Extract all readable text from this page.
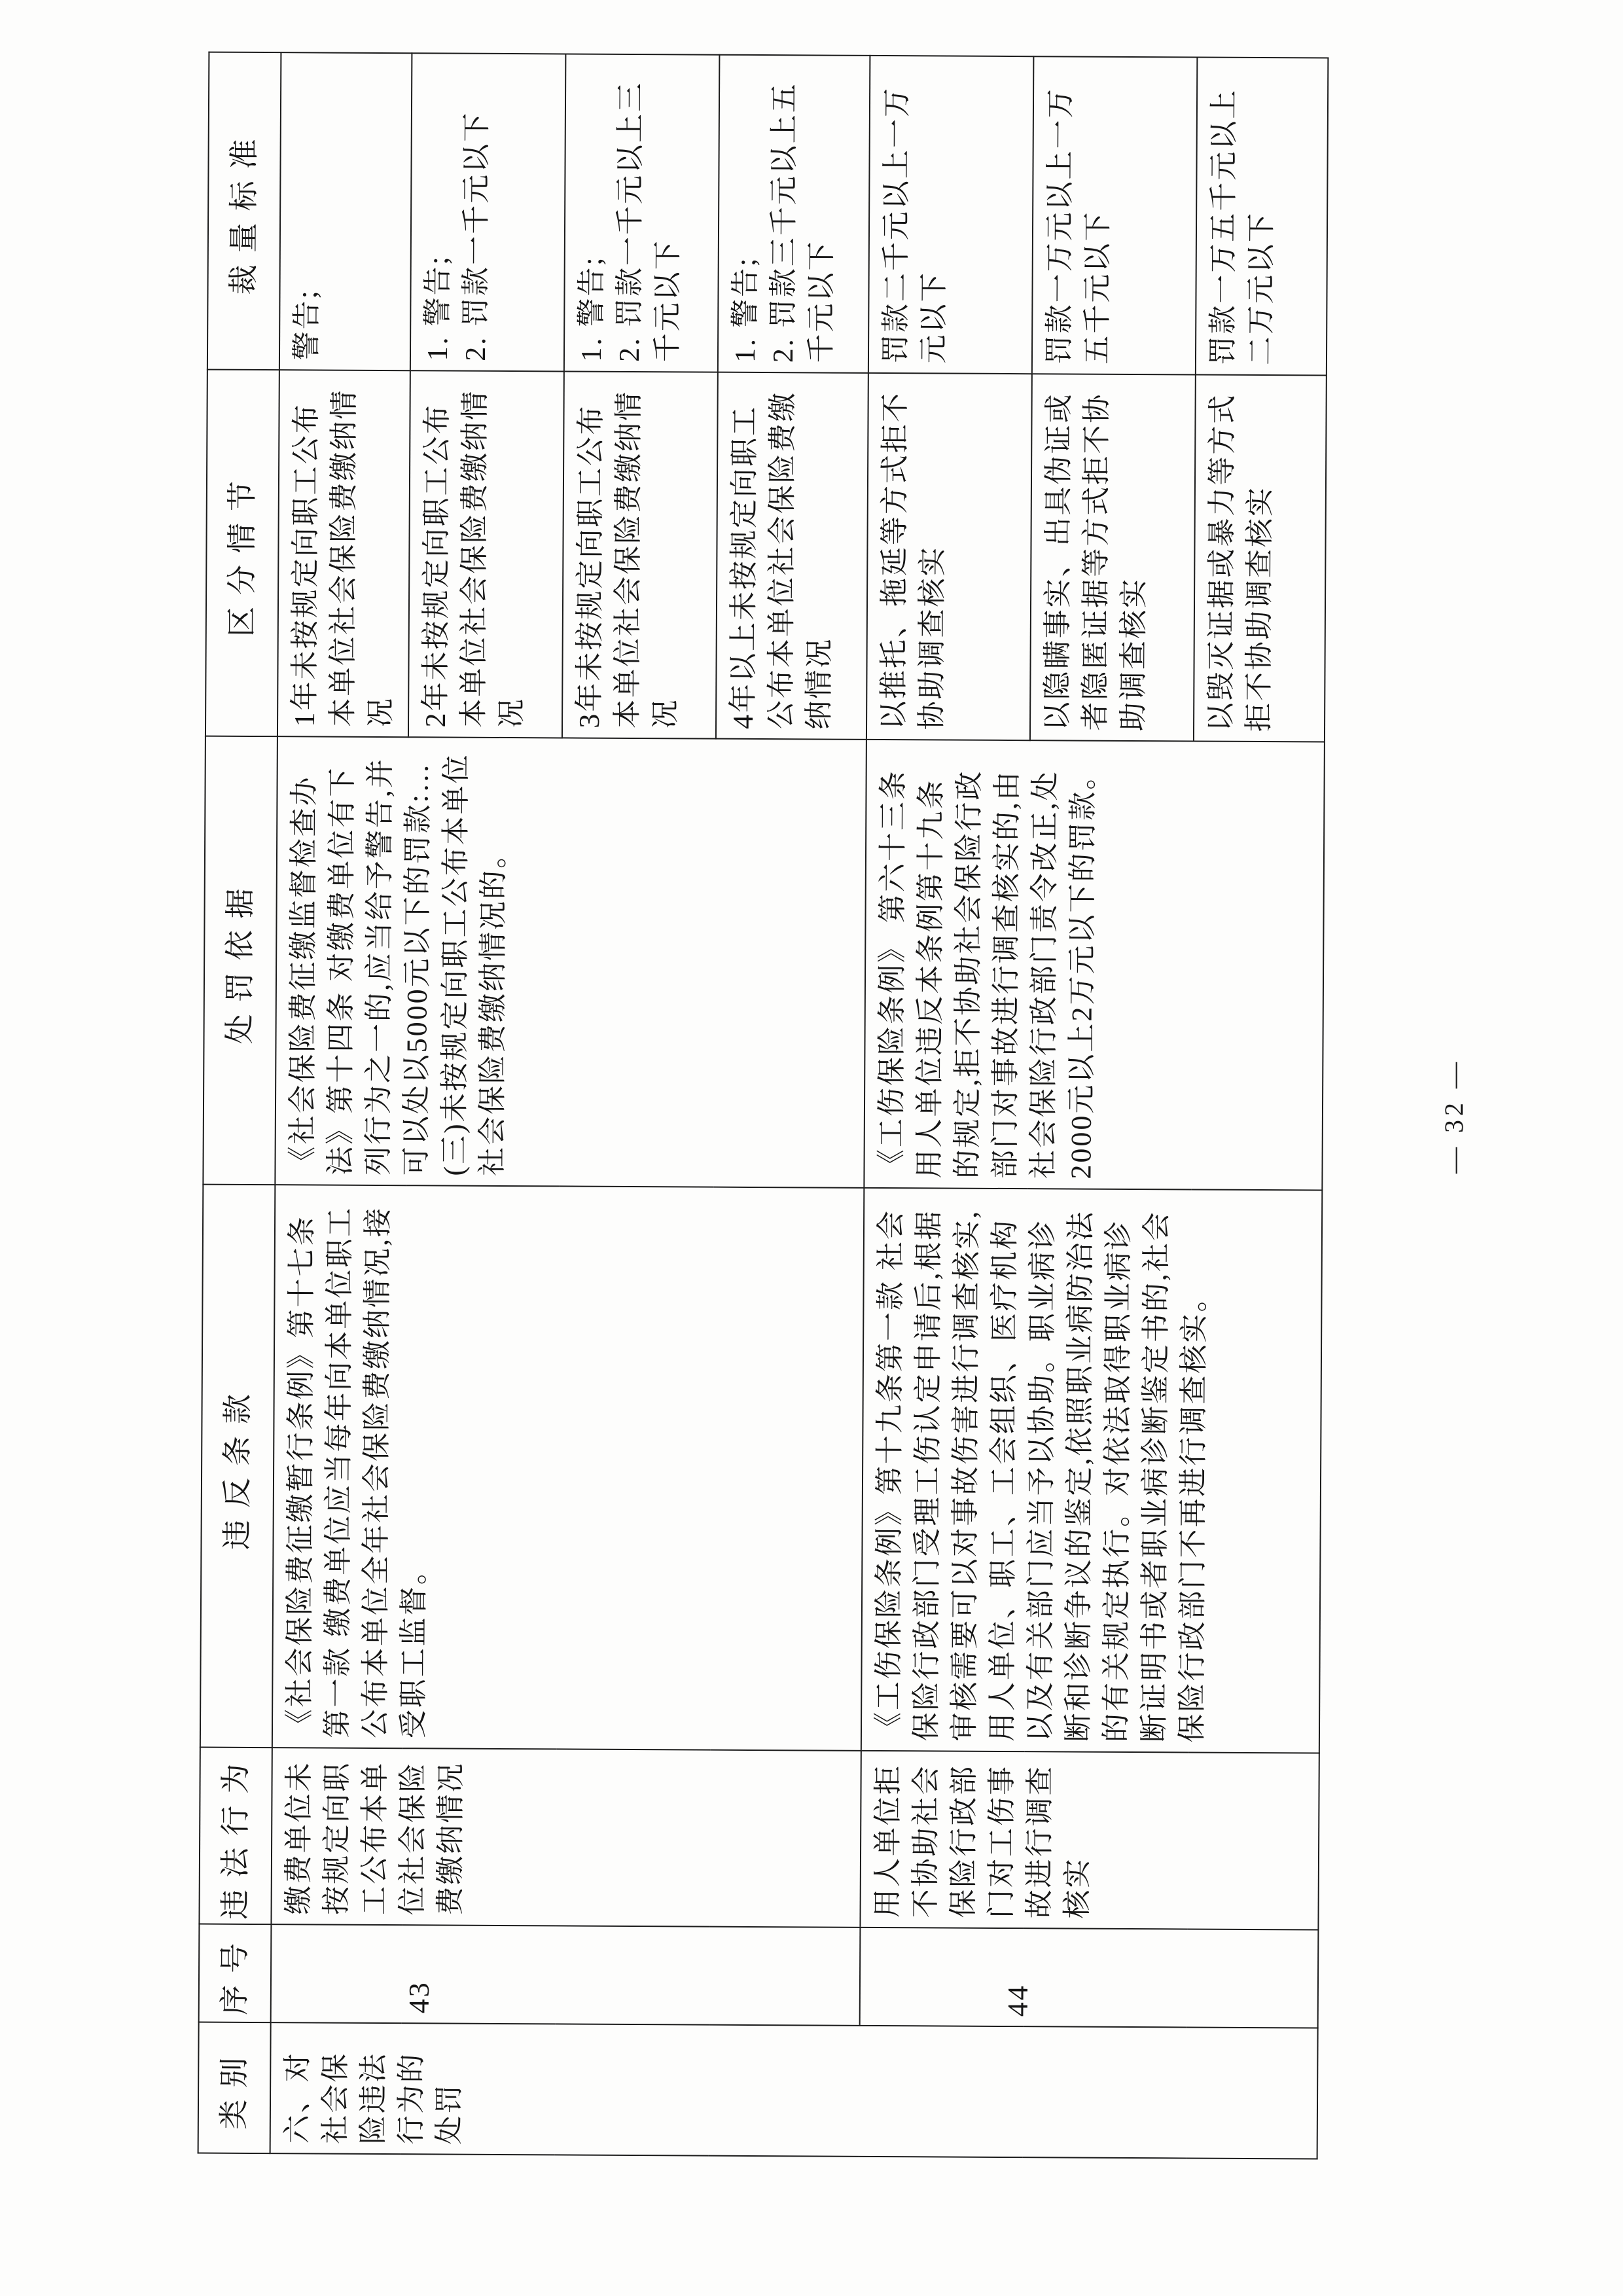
类别	序号	违法行为	违反条款	处罚依据	区分情节	裁量标准
六、对社会保险违法行为的处罚	43	缴费单位未按规定向职工公布本单位社会保险费缴纳情况	《社会保险费征缴暂行条例》第十七条 第一款 缴费单位应当每年向本单位职工公布本单位全年社会保险费缴纳情况,接受职工监督。	《社会保险费征缴监督检查办法》第十四条 对缴费单位有下列行为之一的,应当给予警告,并可以处以5000元以下的罚款:…(三)未按规定向职工公布本单位社会保险费缴纳情况的。	1年未按规定向职工公布本单位社会保险费缴纳情况	警告;
					2年未按规定向职工公布本单位社会保险费缴纳情况	1. 警告;
2. 罚款一千元以下
					3年未按规定向职工公布本单位社会保险费缴纳情况	1. 警告;
2. 罚款一千元以上三千元以下
					4年以上未按规定向职工公布本单位社会保险费缴纳情况	1. 警告;
2. 罚款三千元以上五千元以下

	44	用人单位拒不协助社会保险行政部门对工伤事故进行调查核实	《工伤保险条例》第十九条第一款 社会保险行政部门受理工伤认定申请后,根据审核需要可以对事故伤害进行调查核实,用人单位、职工、工会组织、医疗机构以及有关部门应当予以协助。职业病诊断和诊断争议的鉴定,依照职业病防治法的有关规定执行。对依法取得职业病诊断证明书或者职业病诊断鉴定书的,社会保险行政部门不再进行调查核实。	《工伤保险条例》 第六十三条 用人单位违反本条例第十九条的规定,拒不协助社会保险行政部门对事故进行调查核实的,由社会保险行政部门责令改正,处2000元以上2万元以下的罚款。	以推托、拖延等方式拒不协助调查核实	罚款二千元以上一万元以下
					以隐瞒事实、出具伪证或者隐匿证据等方式拒不协助调查核实	罚款一万元以上一万五千元以下
					以毁灭证据或暴力等方式拒不协助调查核实	罚款一万五千元以上二万元以下
— 32 —
